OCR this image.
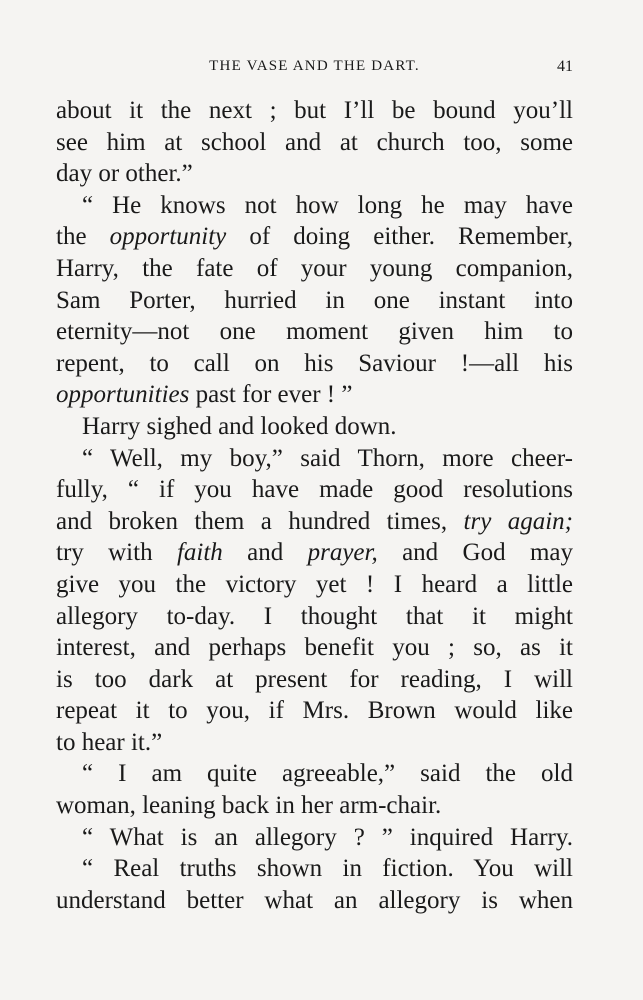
THE VASE AND THE DART.	41
about it the next ; but I’ll be bound you’ll
see him at school and at church too, some
day or other.”
“ He knows not how long he may have
the opportunity of doing either. Remember,
Harry, the fate of your young companion,
Sam Porter, hurried in one instant into
eternity—not one moment given him to
repent, to call on his Saviour !—all his
opportunities past for ever ! ”
Harry sighed and looked down.
“ Well, my boy,” said Thorn, more cheer-
fully, “ if you have made good resolutions
and broken them a hundred times, try again;
try with faith and prayer, and God may
give you the victory yet ! I heard a little
allegory to-day. I thought that it might
interest, and perhaps benefit you ; so, as it
is too dark at present for reading, I will
repeat it to you, if Mrs. Brown would like
to hear it.”
“ I am quite agreeable,” said the old
woman, leaning back in her arm-chair.
“ What is an allegory ? ” inquired Harry.
“ Real truths shown in fiction. You will
understand better what an allegory is when
